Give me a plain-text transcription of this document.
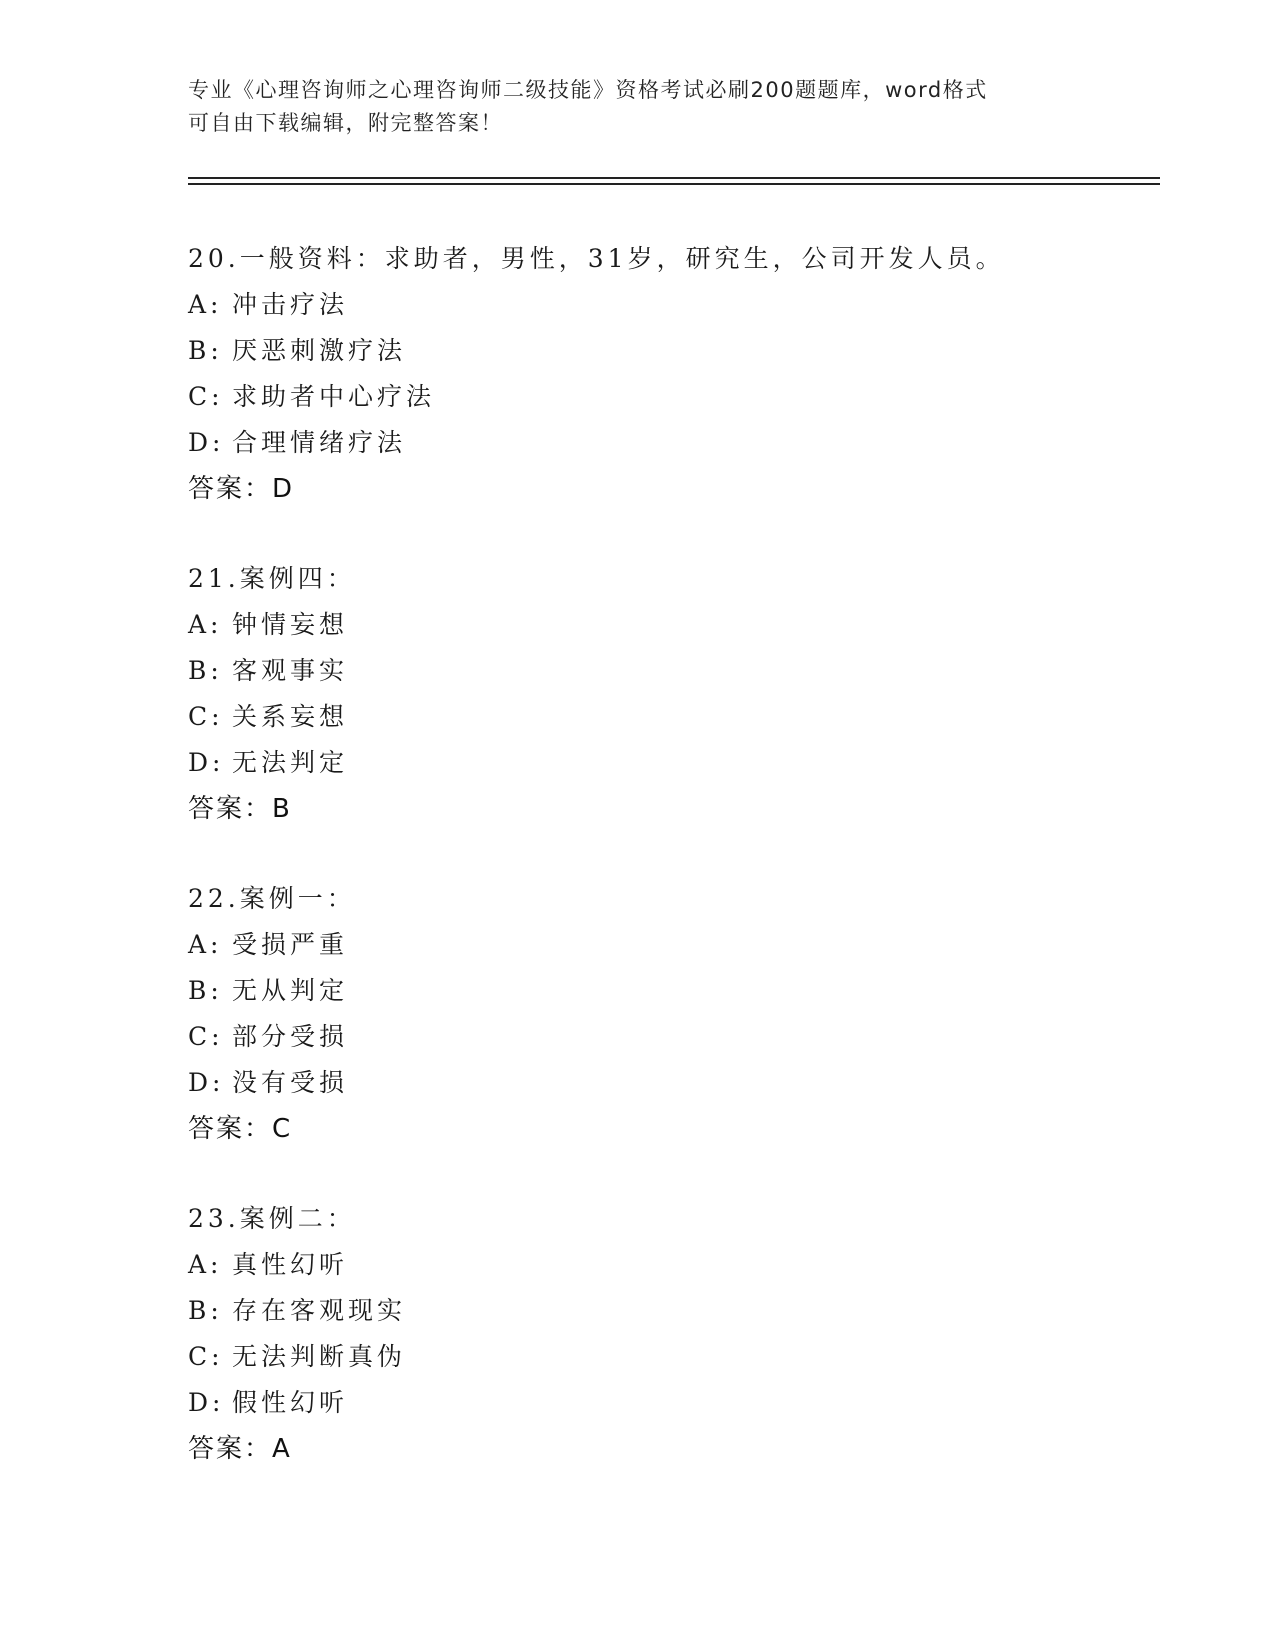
专业《心理咨询师之心理咨询师二级技能》资格考试必刷200题题库，word格式
可自由下载编辑，附完整答案！
20.一般资料：求助者，男性，31岁，研究生，公司开发人员。
A: 冲击疗法
B: 厌恶刺激疗法
C: 求助者中心疗法
D: 合理情绪疗法
答案：D
21.案例四：
A: 钟情妄想
B: 客观事实
C: 关系妄想
D: 无法判定
答案：B
22.案例一：
A: 受损严重
B: 无从判定
C: 部分受损
D: 没有受损
答案：C
23.案例二：
A: 真性幻听
B: 存在客观现实
C: 无法判断真伪
D: 假性幻听
答案：A
